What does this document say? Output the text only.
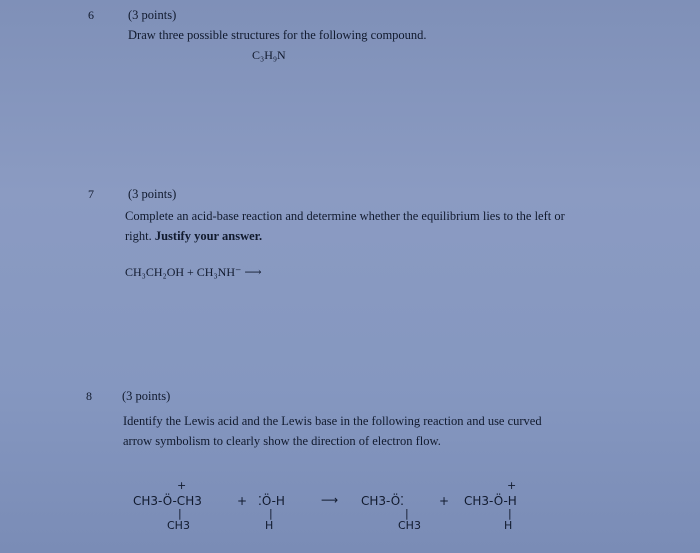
6	(3 points)
Draw three possible structures for the following compound.
C₃H₉N
7	(3 points)
Complete an acid-base reaction and determine whether the equilibrium lies to the left or
right. Justify your answer.
CH₃CH₂OH + CH₃NH⁻ ⟶
8 (3 points)
Identify the Lewis acid and the Lewis base in the following reaction and use curved
arrow symbolism to clearly show the direction of electron flow.
+
CH3-Ö-CH3
|
CH3
+ ⁚Ö-H
|
H
⟶ CH3-Ö⁚
|
CH3
+
+
CH3-Ö-H
|
H
